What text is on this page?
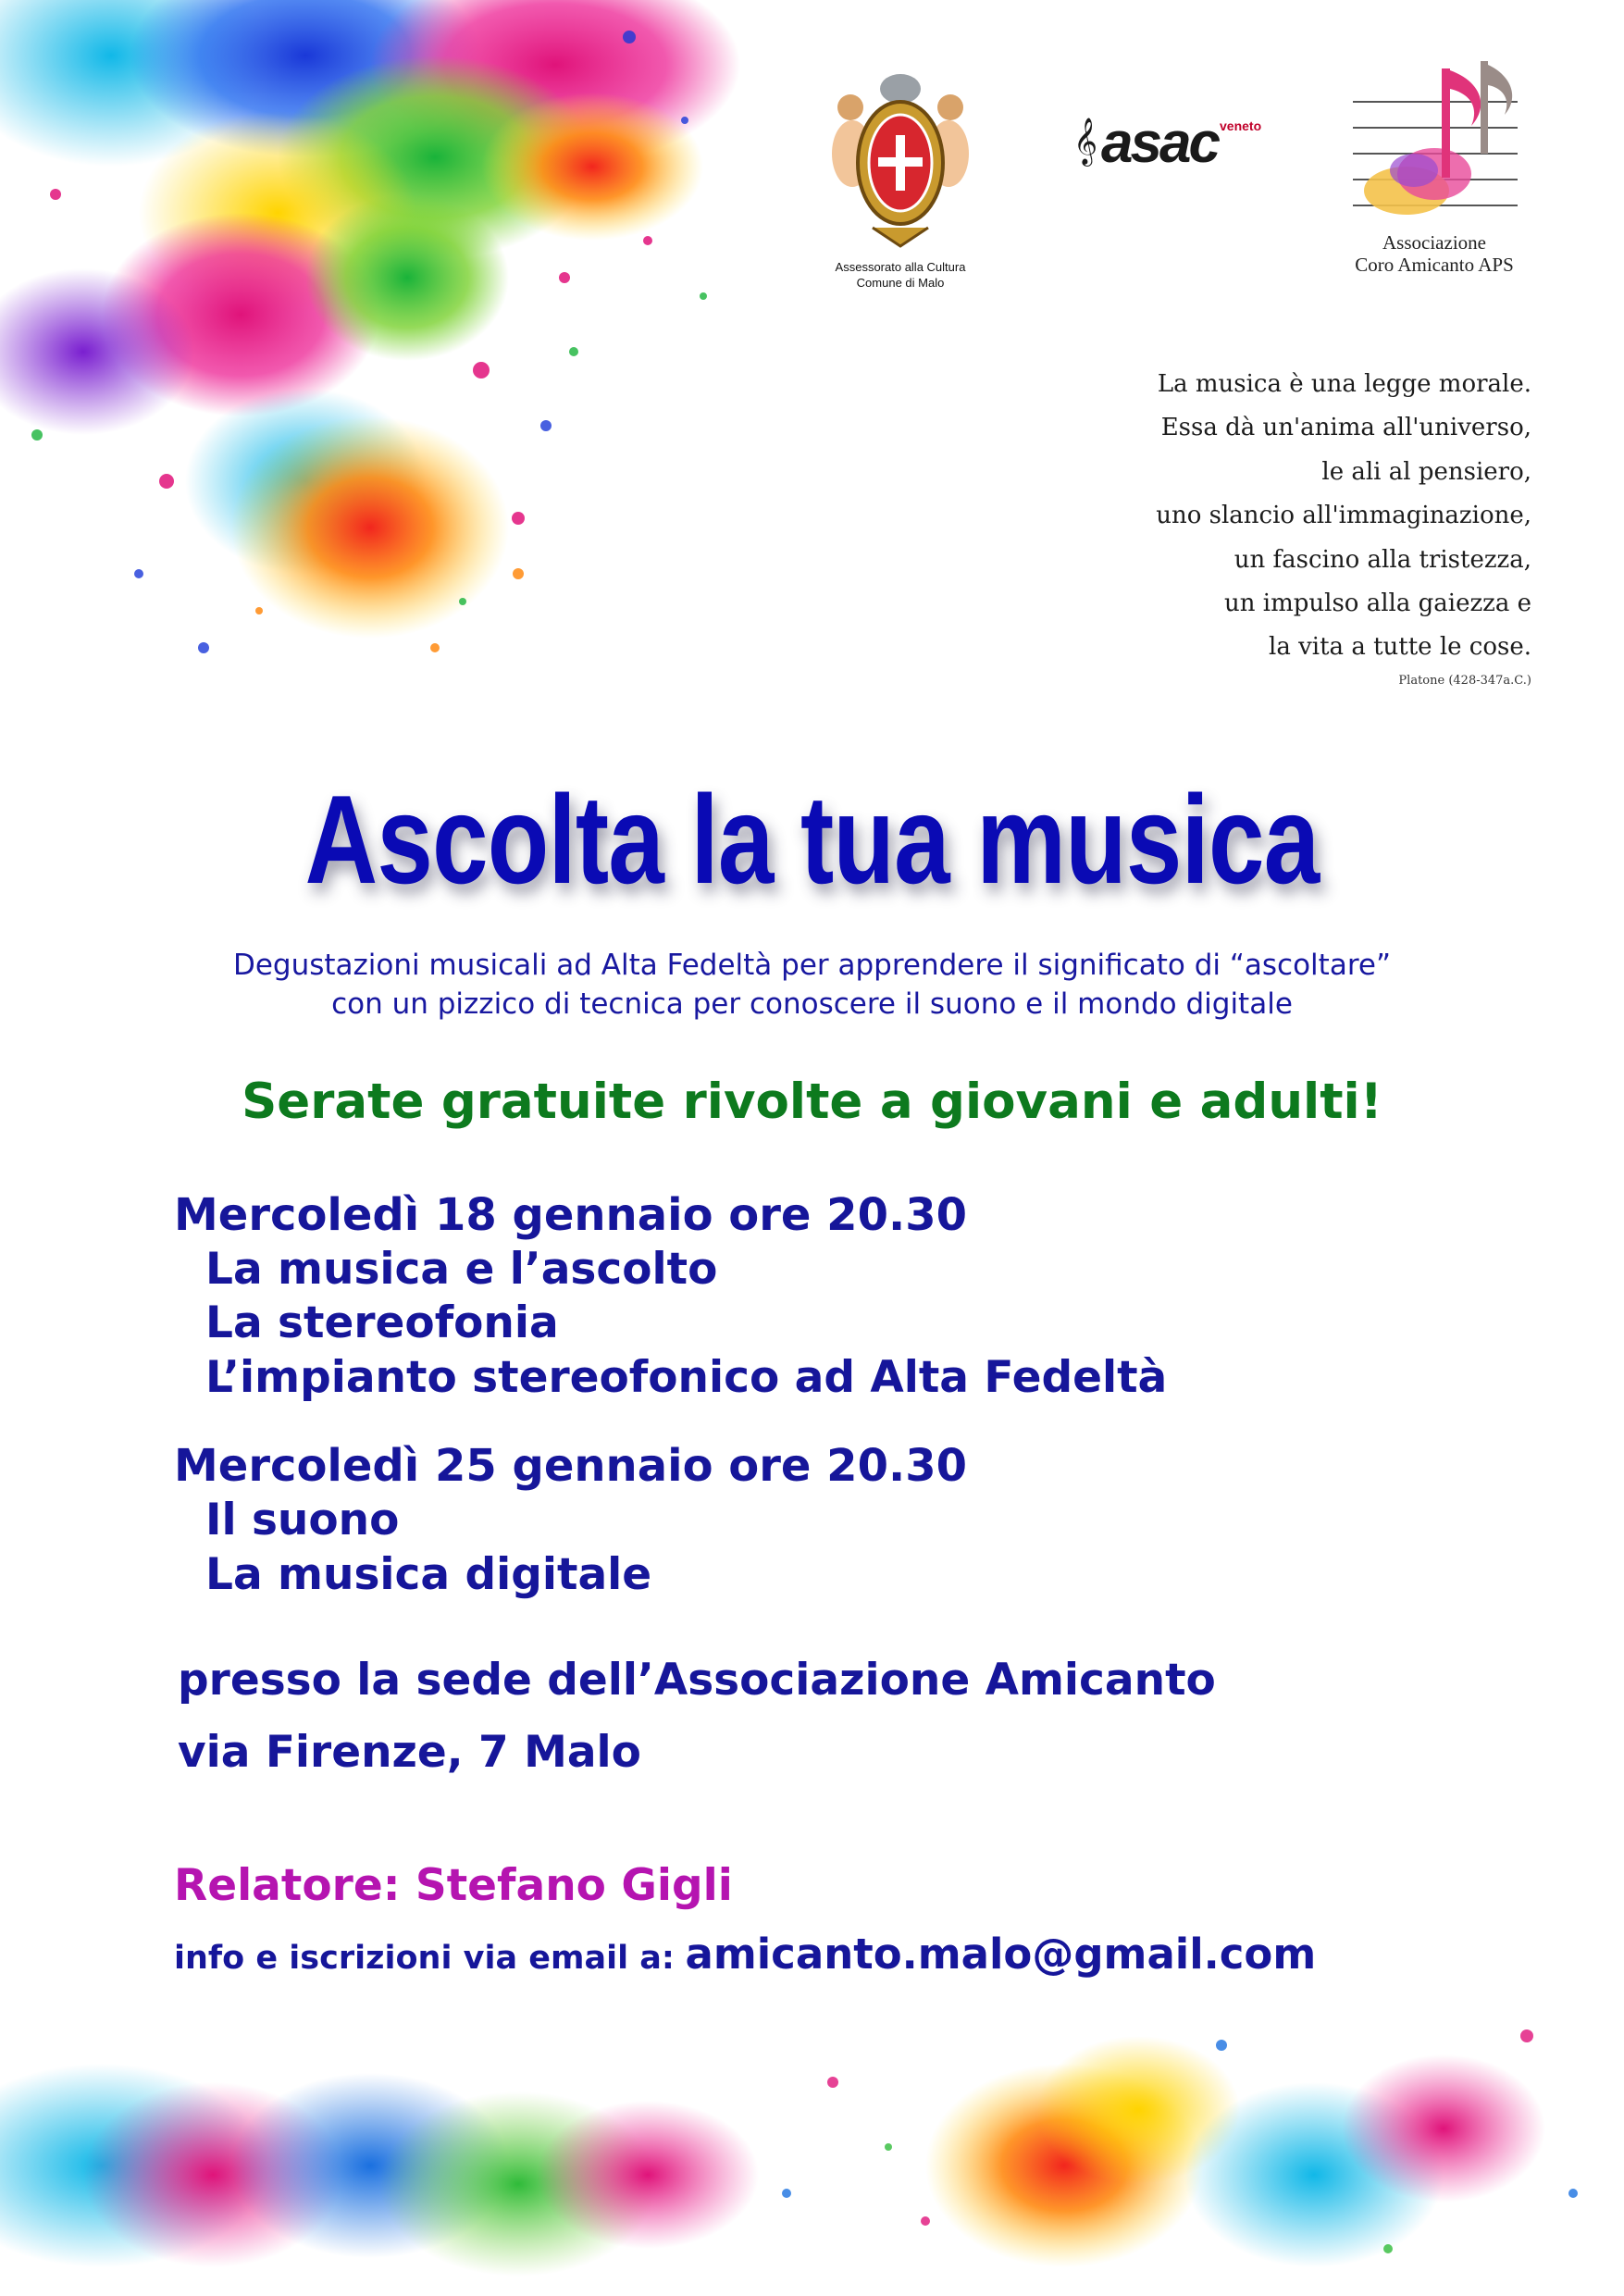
Assessorato alla Cultura
Comune di Malo
𝄞 asac veneto
Associazione
Coro Amicanto APS
La musica è una legge morale.
Essa dà un'anima all'universo,
le ali al pensiero,
uno slancio all'immaginazione,
un fascino alla tristezza,
un impulso alla gaiezza e
la vita a tutte le cose.
Platone (428-347a.C.)
Ascolta la tua musica
Degustazioni musicali ad Alta Fedeltà per apprendere il significato di “ascoltare”
con un pizzico di tecnica per conoscere il suono e il mondo digitale
Serate gratuite rivolte a giovani e adulti!
Mercoledì 18 gennaio ore 20.30
La musica e l’ascolto
La stereofonia
L’impianto stereofonico ad Alta Fedeltà
Mercoledì 25 gennaio ore 20.30
Il suono
La musica digitale
presso la sede dell’Associazione Amicanto
via Firenze, 7 Malo
Relatore: Stefano Gigli
info e iscrizioni via email a: amicanto.malo@gmail.com
